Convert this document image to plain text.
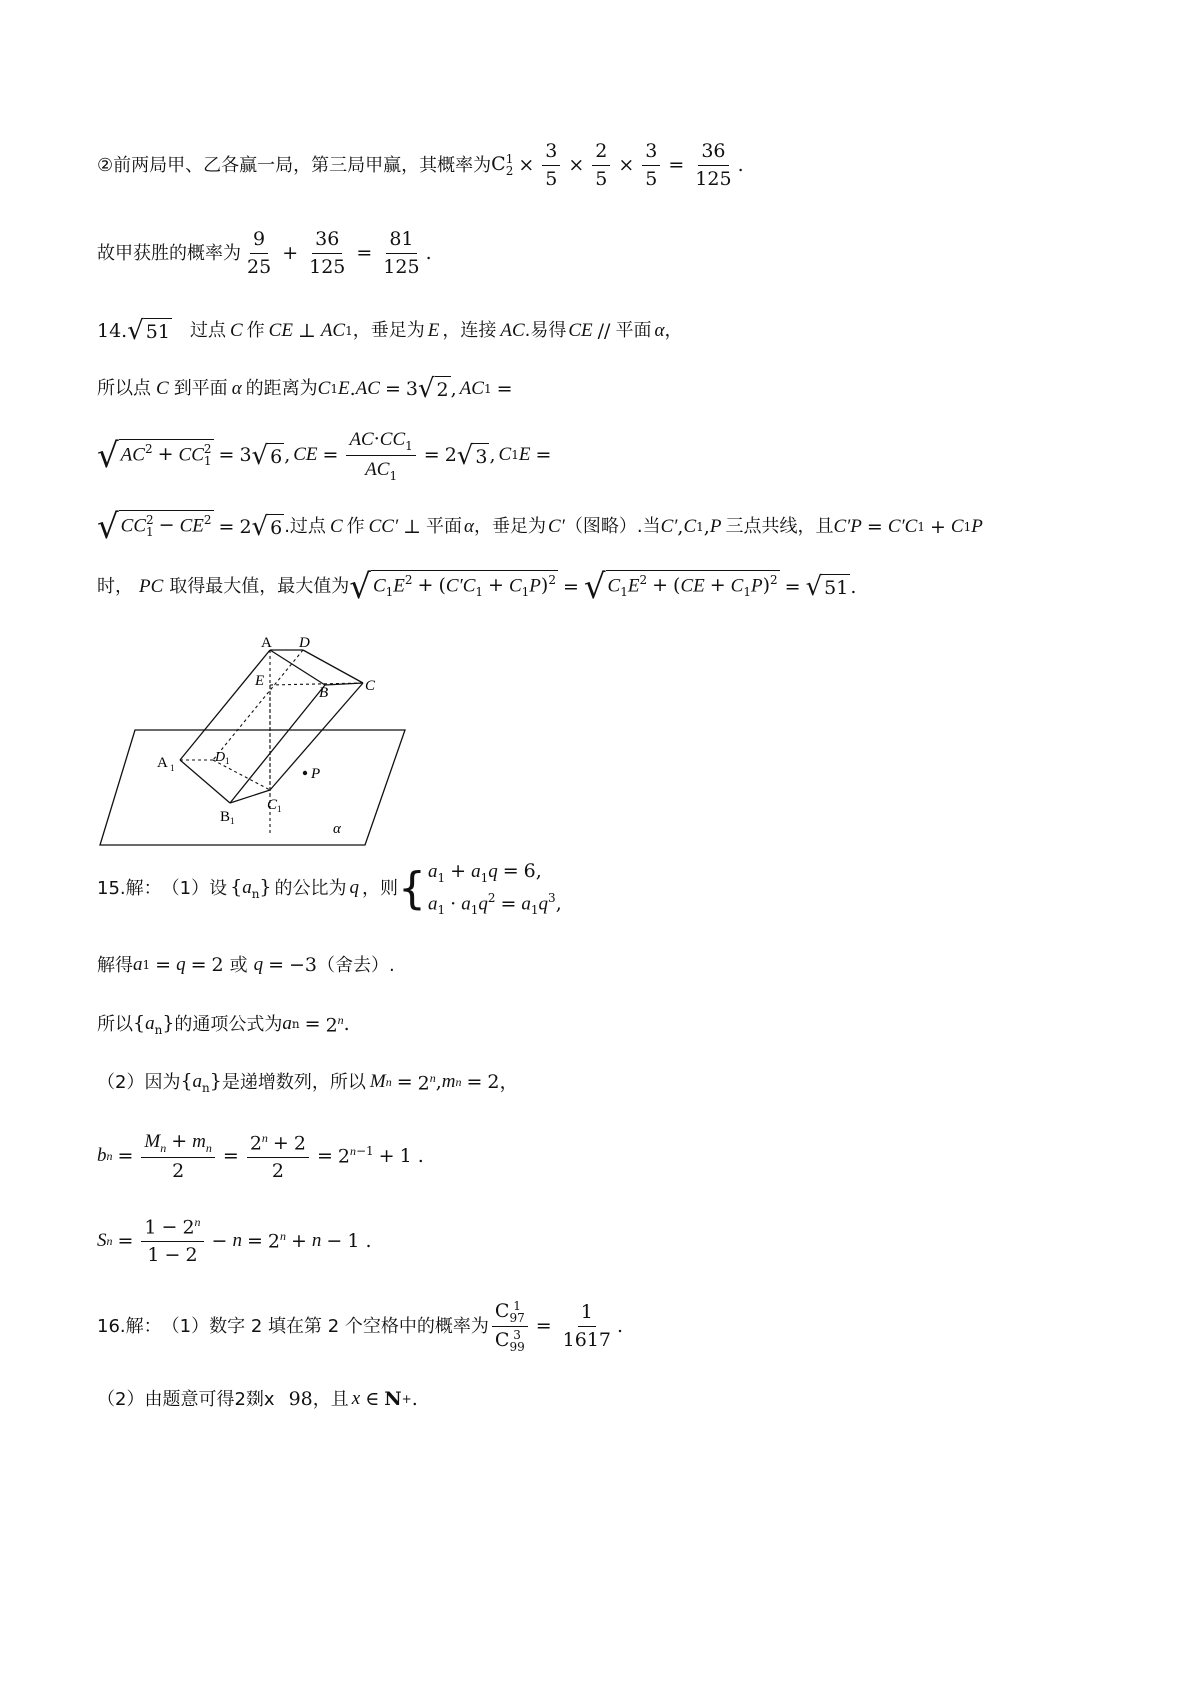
②前两局甲、乙各赢一局，第三局甲赢，其概率为 C 1
$2 \times \frac{3}{5} \times \frac{2}{5} \times \frac{3}{5} = \frac{36}{125}$ .
故甲获胜的概率为 $\frac{9}{25} + \frac{36}{125} = \frac{81}{125}$ .
14. √ 51 过点 C 作 CE ⊥ AC 1 ，垂足为 E ，连接 AC .易得 CE // 平面 α ，
所以点 C 到平面 α 的距离为 C 1 E . AC = 3 √ 2 , AC 1 =
√ $AC^2$ + CC 2
1 = 3 √ 6 , CE = $\frac{AC\cdot CC_1}{AC_1} = 2$ √ 3 , C 1 E =
√ CC 2
$1 - CE^2 = 2$ √ 6 .过点 C 作 CC′ ⊥ 平面 α ，垂足为 C′ （图略）.当 C′ , C 1 , P 三点共线，且 C′P = C′C 1 + C 1 P
时， PC 取得最大值，最大值为 √ $C_1E^2 + (C'C_1 + C_1P)^2$ = √ $C_1E^2 + (CE + C_1P)^2$ = √ 51 .
A D
E
B C
A 1
D 1
B 1
C 1
P
α
15.解： （1）设 $\{a_n\}$ 的公比为 q ，则 { $a_1 + a_1q = 6$,
$a_1 \cdot a_1q^2 = a_1q^3$,
解得 a 1 = q = 2 或 q = −3 （舍去）.
所以 $\{a_n\}$ 的通项公式为 a $n = 2^n$ .
（2）因为 $\{a_n\}$ 是递增数列，所以 M $n = 2^n$ , m n = 2，
b $n = \frac{M_n + m_n}{2} = \frac{2^n + 2}{2} = 2^{n-1} + 1$ .
S $n = \frac{1 - 2^n}{1 - 2} - n = 2^n + n - 1$ .
16.解： （1）数字 2 填在第 2 个空格中的概率为 C 1
97
C 3
$99 = \frac{1}{1617}$ .
（2）由题意可得 2剟x 98 ，且 x ∈ N + .
